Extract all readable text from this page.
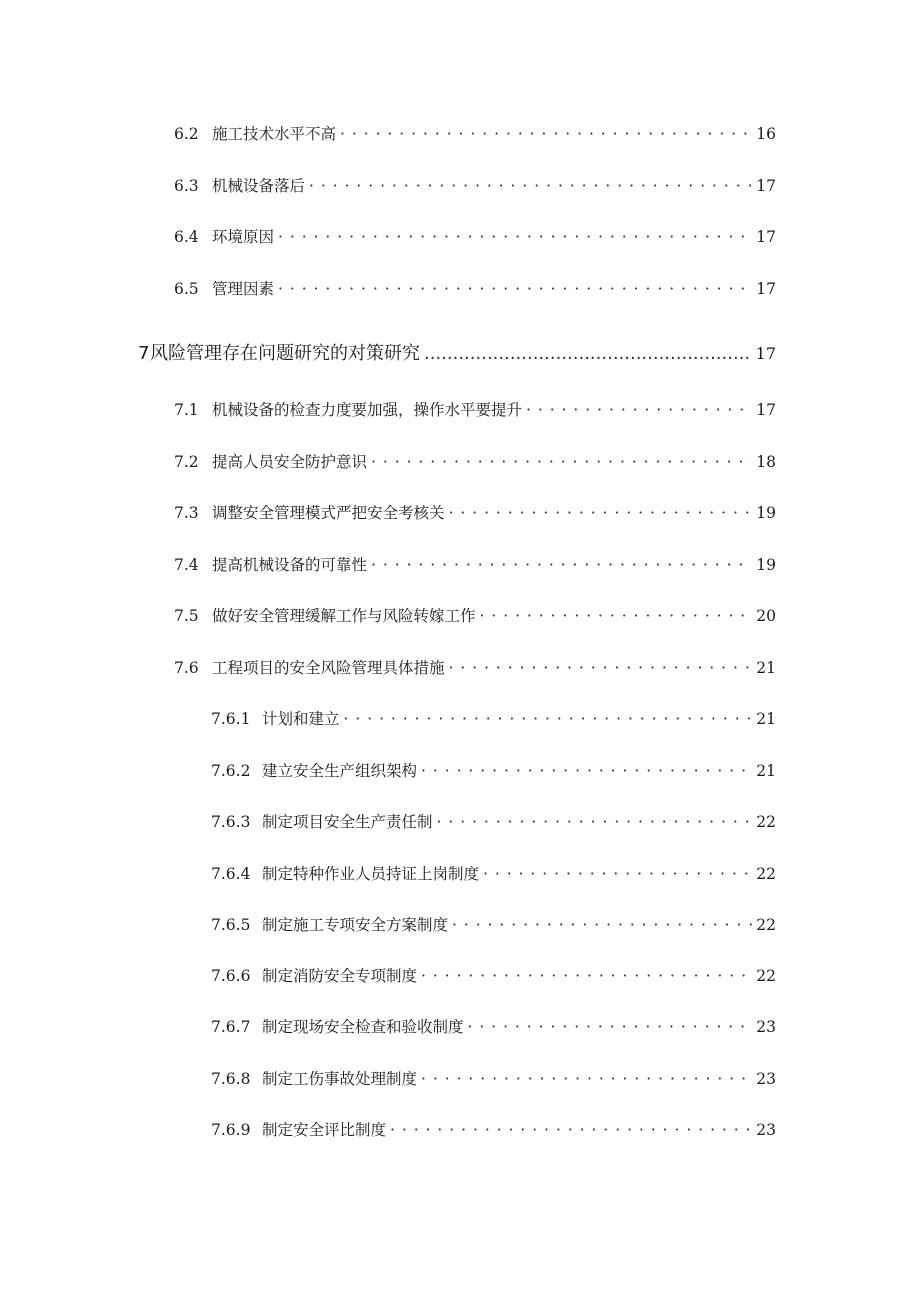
6.2 施工技术水平不高 · · ·	16
6.3 机械设备落后 · · ·	17
6.4 环境原因 · · ·	17
6.5 管理因素 · · ·	17
7 风险管理存在问题研究的对策研究 .....	17
7.1 机械设备的检查力度要加强，操作水平要提升 · · ·	17
7.2 提高人员安全防护意识 · · ·	18
7.3 调整安全管理模式严把安全考核关 · · ·	19
7.4 提高机械设备的可靠性 · · ·	19
7.5 做好安全管理缓解工作与风险转嫁工作 · · ·	20
7.6 工程项目的安全风险管理具体措施 · · ·	21
7.6.1 计划和建立 · · ·	21
7.6.2 建立安全生产组织架构 · · ·	21
7.6.3 制定项目安全生产责任制 · · ·	22
7.6.4 制定特种作业人员持证上岗制度 · · ·	22
7.6.5 制定施工专项安全方案制度 · · ·	22
7.6.6 制定消防安全专项制度 · · ·	22
7.6.7 制定现场安全检查和验收制度 · · ·	23
7.6.8 制定工伤事故处理制度 · · ·	23
7.6.9 制定安全评比制度 · · ·	23
